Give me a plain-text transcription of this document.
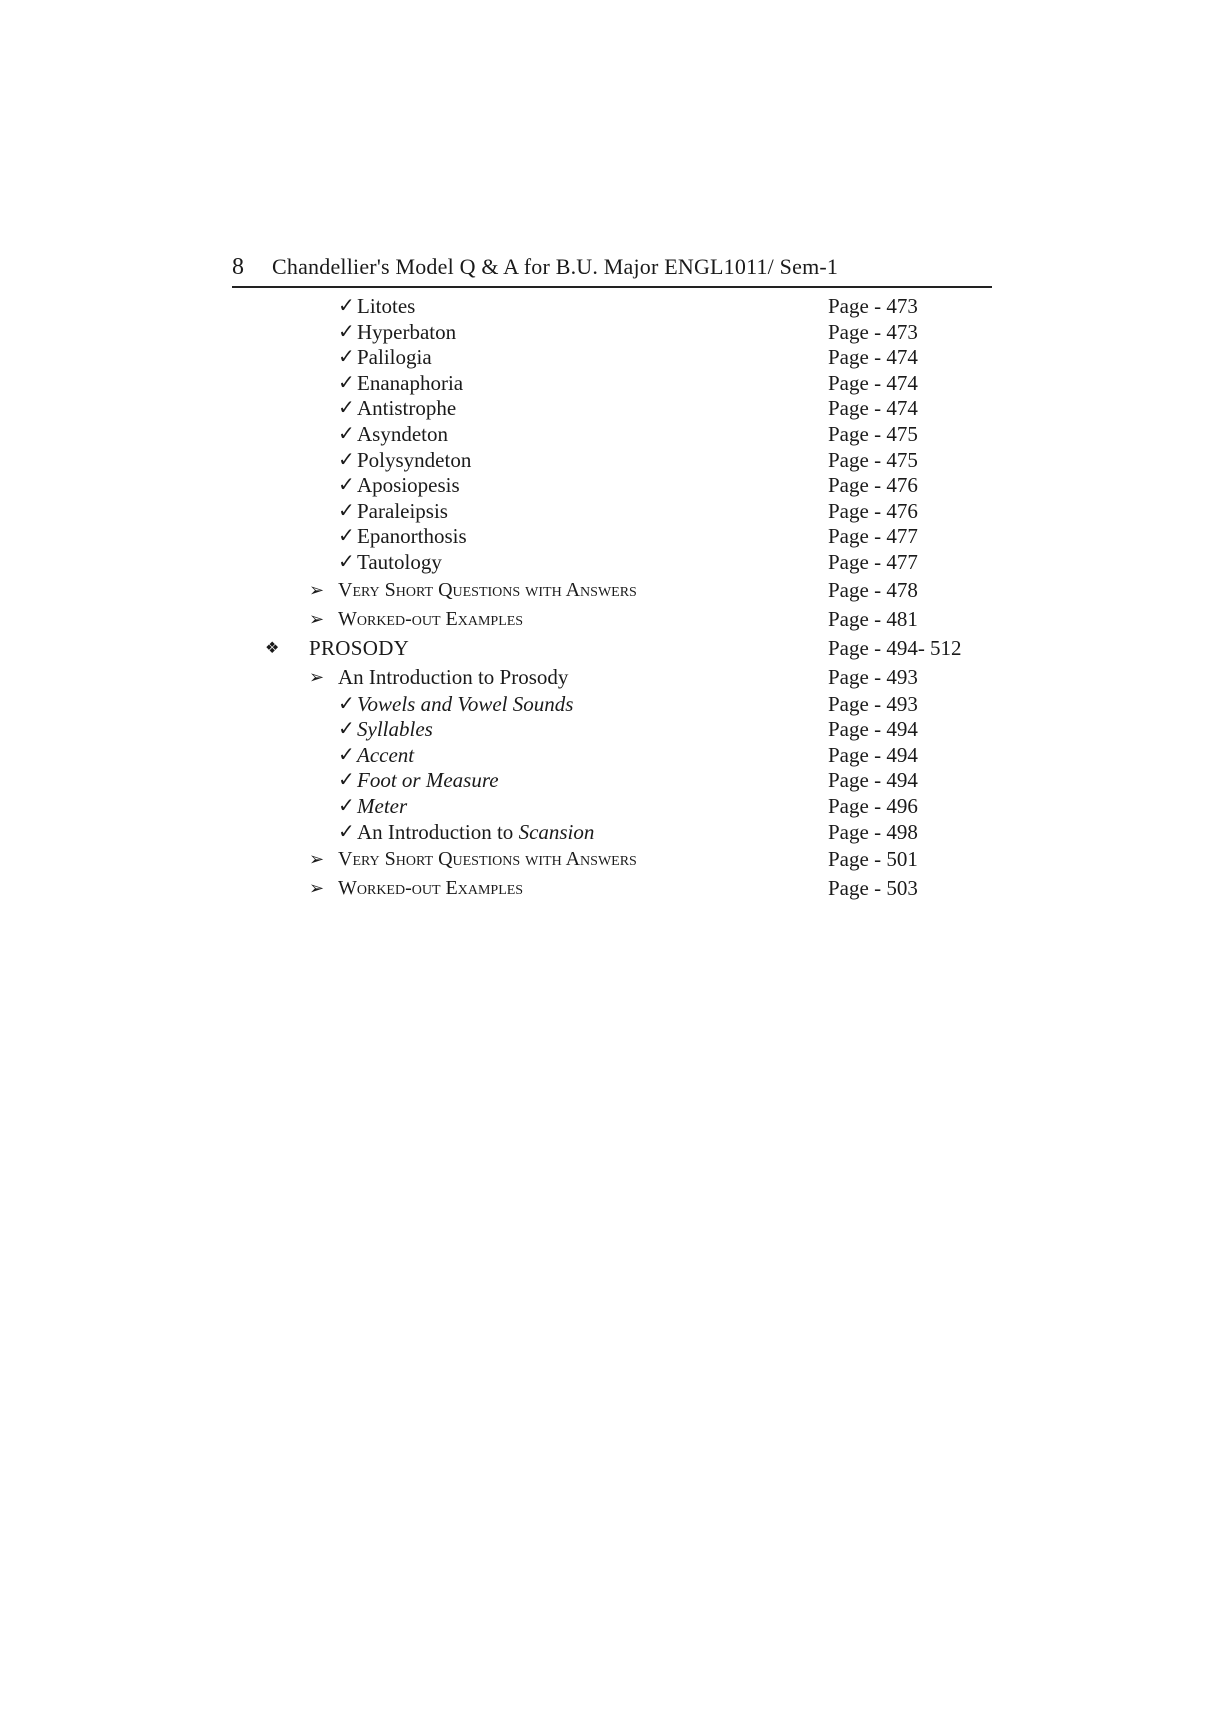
8 Chandellier's Model Q & A for B.U. Major ENGL1011/ Sem-1
✓ Litotes	Page - 473
✓ Hyperbaton	Page - 473
✓ Palilogia	Page - 474
✓ Enanaphoria	Page - 474
✓ Antistrophe	Page - 474
✓ Asyndeton	Page - 475
✓ Polysyndeton	Page - 475
✓ Aposiopesis	Page - 476
✓ Paraleipsis	Page - 476
✓ Epanorthosis	Page - 477
✓ Tautology	Page - 477
➢ Very Short Questions with Answers	Page - 478
➢ Worked-out Examples	Page - 481
❖ PROSODY	Page - 494- 512
➢ An Introduction to Prosody	Page - 493
✓ Vowels and Vowel Sounds	Page - 493
✓ Syllables	Page - 494
✓ Accent	Page - 494
✓ Foot or Measure	Page - 494
✓ Meter	Page - 496
✓ An Introduction to Scansion	Page - 498
➢ Very Short Questions with Answers	Page - 501
➢ Worked-out Examples	Page - 503
